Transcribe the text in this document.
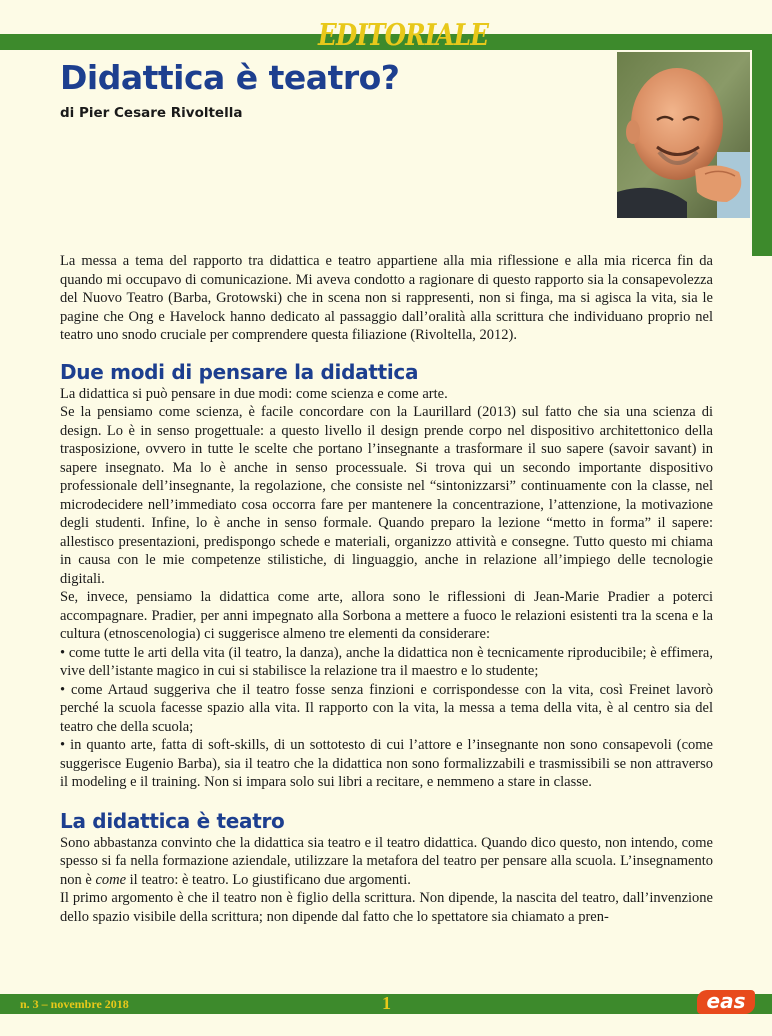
EDITORIALE
Didattica è teatro?

di Pier Cesare Rivoltella

La messa a tema del rapporto tra didattica e teatro appartiene alla mia riflessione e alla mia ricerca fin da quando mi occupavo di comunicazione. Mi aveva condotto a ragionare di questo rapporto sia la consapevolezza del Nuovo Teatro (Barba, Grotowski) che in scena non si rappresenti, non si finga, ma si agisca la vita, sia le pagine che Ong e Havelock hanno dedicato al passaggio dall’oralità alla scrittura che individuano proprio nel teatro uno snodo cruciale per comprendere questa filiazione (Rivoltella, 2012).

Due modi di pensare la didattica

La didattica si può pensare in due modi: come scienza e come arte.

Se la pensiamo come scienza, è facile concordare con la Laurillard (2013) sul fatto che sia una scienza di design. Lo è in senso progettuale: a questo livello il design prende corpo nel dispositivo architettonico della trasposizione, ovvero in tutte le scelte che portano l’insegnante a trasformare il suo sapere (savoir savant) in sapere insegnato. Ma lo è anche in senso processuale. Si trova qui un secondo importante dispositivo professionale dell’insegnante, la regolazione, che consiste nel “sintonizzarsi” continuamente con la classe, nel microdecidere nell’immediato cosa occorra fare per mantenere la concentrazione, l’attenzione, la motivazione degli studenti. Infine, lo è anche in senso formale. Quando preparo la lezione “metto in forma” il sapere: allestisco presentazioni, predispongo schede e materiali, organizzo attività e consegne. Tutto questo mi chiama in causa con le mie competenze stilistiche, di linguaggio, anche in relazione all’impiego delle tecnologie digitali.

Se, invece, pensiamo la didattica come arte, allora sono le riflessioni di Jean-Marie Pradier a poterci accompagnare. Pradier, per anni impegnato alla Sorbona a mettere a fuoco le relazioni esistenti tra la scena e la cultura (etnoscenologia) ci suggerisce almeno tre elementi da considerare:

• come tutte le arti della vita (il teatro, la danza), anche la didattica non è tecnicamente riproducibile; è effimera, vive dell’istante magico in cui si stabilisce la relazione tra il maestro e lo studente;

• come Artaud suggeriva che il teatro fosse senza finzioni e corrispondesse con la vita, così Freinet lavorò perché la scuola facesse spazio alla vita. Il rapporto con la vita, la messa a tema della vita, è al centro sia del teatro che della scuola;

• in quanto arte, fatta di soft-skills, di un sottotesto di cui l’attore e l’insegnante non sono consapevoli (come suggerisce Eugenio Barba), sia il teatro che la didattica non sono formalizzabili e trasmissibili se non attraverso il modeling e il training. Non si impara solo sui libri a recitare, e nemmeno a stare in classe.

La didattica è teatro

Sono abbastanza convinto che la didattica sia teatro e il teatro didattica. Quando dico questo, non intendo, come spesso si fa nella formazione aziendale, utilizzare la metafora del teatro per pensare alla scuola. L’insegnamento non è come il teatro: è teatro. Lo giustificano due argomenti.

Il primo argomento è che il teatro non è figlio della scrittura. Non dipende, la nascita del teatro, dall’invenzione dello spazio visibile della scrittura; non dipende dal fatto che lo spettatore sia chiamato a pren-

n. 3 – novembre 2018	1	eas
